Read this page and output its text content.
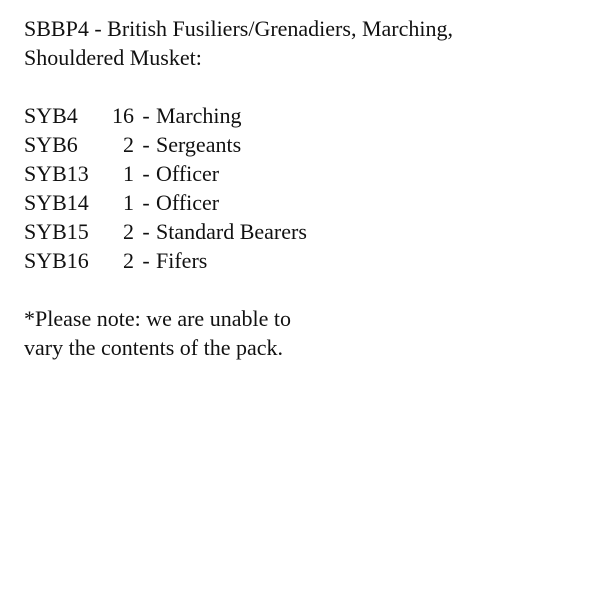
SBBP4 - British Fusiliers/Grenadiers, Marching,
Shouldered Musket:
SYB4	16 - Marching
SYB6	2 - Sergeants
SYB13	1 - Officer
SYB14	1 - Officer
SYB15	2 - Standard Bearers
SYB16	2 - Fifers
*Please note: we are unable to
vary the contents of the pack.
